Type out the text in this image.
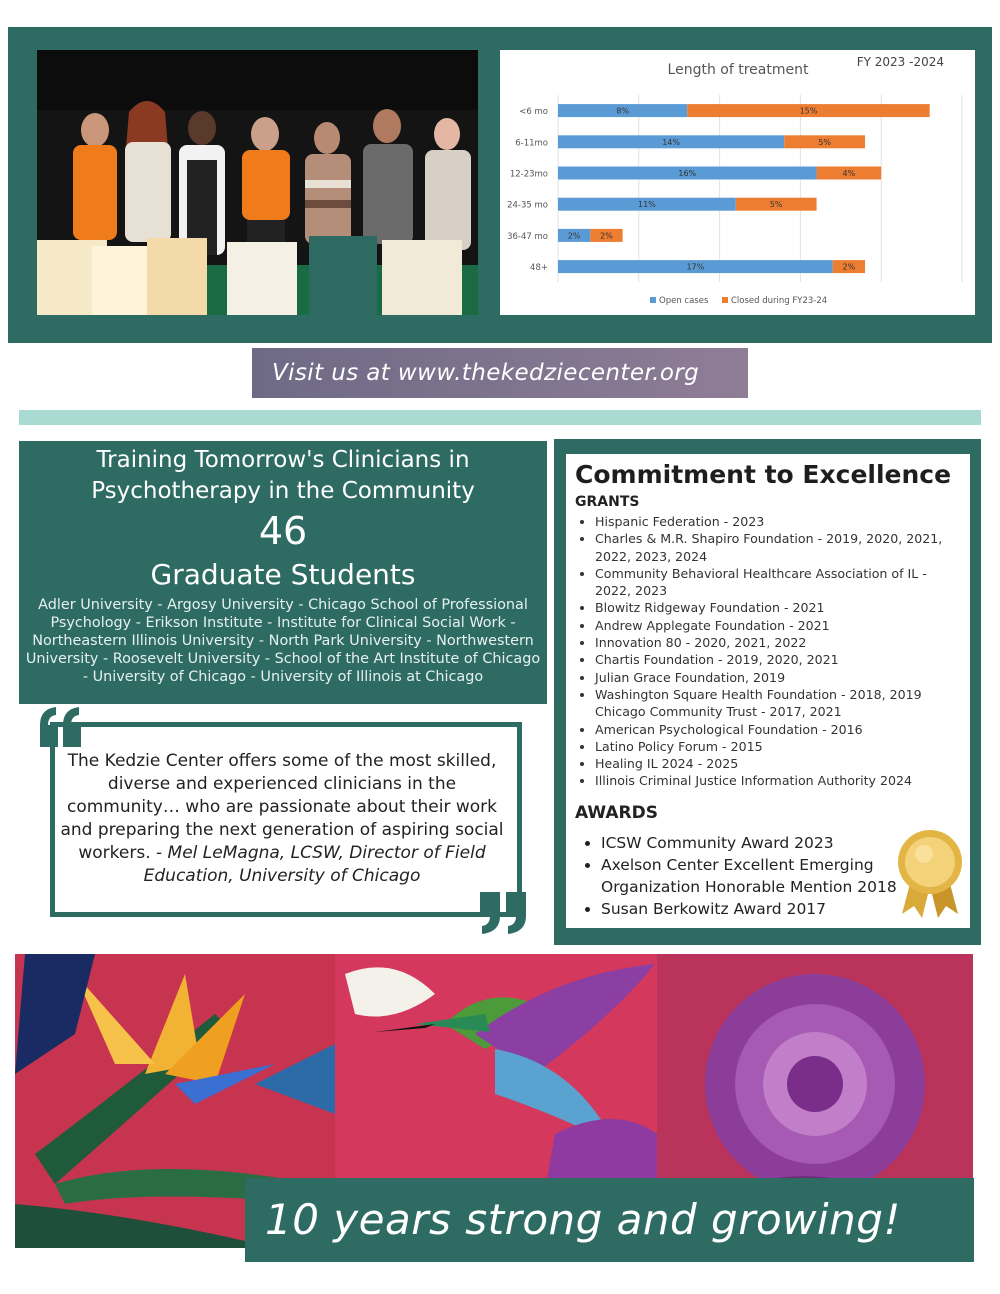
Length of treatment	FY 2023 -2024
<6 mo	8%	15%
6-11mo	14%	5%
12-23mo	16%	4%
24-35 mo	11%	5%
36-47 mo 2% 2%
48+	17%	2%
Open cases	Closed during FY23-24
Visit us at www.thekedziecenter.org
Training Tomorrow's Clinicians in
Psychotherapy in the Community
46
Graduate Students
Adler University - Argosy University - Chicago School of Professional Psychology - Erikson Institute - Institute for Clinical Social Work - Northeastern Illinois University - North Park University - Northwestern University - Roosevelt University - School of the Art Institute of Chicago - University of Chicago - University of Illinois at Chicago
The Kedzie Center offers some of the most skilled, diverse and experienced clinicians in the community… who are passionate about their work and preparing the next generation of aspiring social workers. - Mel LeMagna, LCSW, Director of Field Education, University of Chicago
Commitment to Excellence
GRANTS
• Hispanic Federation - 2023
• Charles & M.R. Shapiro Foundation - 2019, 2020, 2021, 2022, 2023, 2024
• Community Behavioral Healthcare Association of IL - 2022, 2023
• Blowitz Ridgeway Foundation - 2021
• Andrew Applegate Foundation - 2021
• Innovation 80 - 2020, 2021, 2022
• Chartis Foundation - 2019, 2020, 2021
• Julian Grace Foundation, 2019
• Washington Square Health Foundation - 2018, 2019 Chicago Community Trust - 2017, 2021
• American Psychological Foundation - 2016
• Latino Policy Forum - 2015
• Healing IL 2024 - 2025
• Illinois Criminal Justice Information Authority 2024
AWARDS
• ICSW Community Award 2023
• Axelson Center Excellent Emerging Organization Honorable Mention 2018
• Susan Berkowitz Award 2017
10 years strong and growing!
